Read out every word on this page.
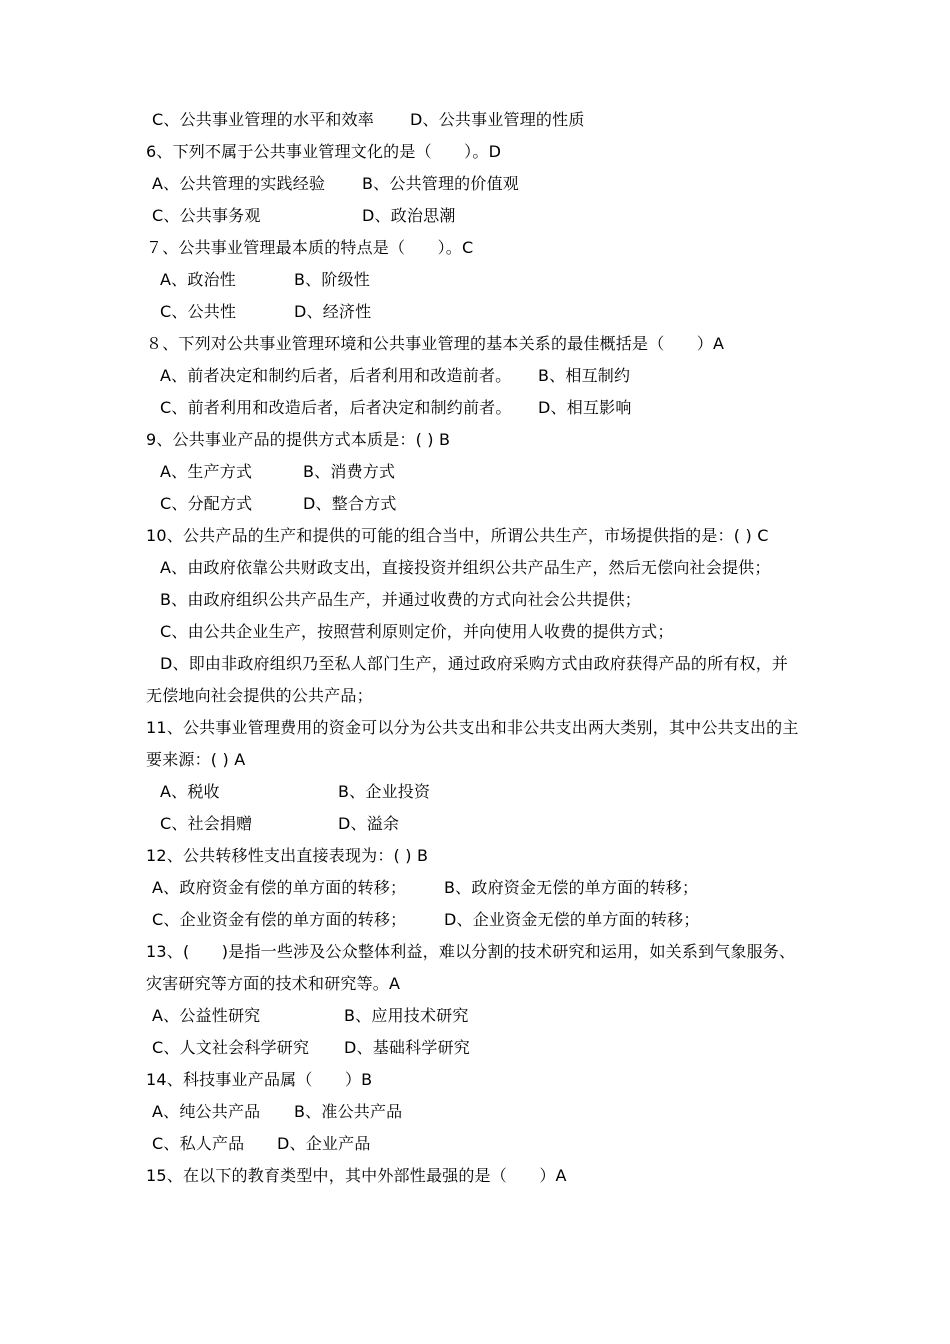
C、公共事业管理的水平和效率 D、公共事业管理的性质
6、下列不属于公共事业管理文化的是（　　）。D
A、公共管理的实践经验 B、公共管理的价值观
C、公共事务观	D、政治思潮
７、公共事业管理最本质的特点是（　　）。C
A、政治性	B、阶级性
C、公共性	D、经济性
８、下列对公共事业管理环境和公共事业管理的基本关系的最佳概括是（　　）A
A、前者决定和制约后者，后者利用和改造前者。 B、相互制约
C、前者利用和改造后者，后者决定和制约前者。 D、相互影响
9、公共事业产品的提供方式本质是：( ) B
A、生产方式	B、消费方式
C、分配方式	D、整合方式
10、公共产品的生产和提供的可能的组合当中，所谓公共生产，市场提供指的是：( ) C
A、由政府依靠公共财政支出，直接投资并组织公共产品生产，然后无偿向社会提供；
B、由政府组织公共产品生产，并通过收费的方式向社会公共提供；
C、由公共企业生产，按照营利原则定价，并向使用人收费的提供方式；
D、即由非政府组织乃至私人部门生产，通过政府采购方式由政府获得产品的所有权，并
无偿地向社会提供的公共产品；
11、公共事业管理费用的资金可以分为公共支出和非公共支出两大类别，其中公共支出的主
要来源：( ) A
A、税收	B、企业投资
C、社会捐赠	D、溢余
12、公共转移性支出直接表现为：( ) B
A、政府资金有偿的单方面的转移； B、政府资金无偿的单方面的转移；
C、企业资金有偿的单方面的转移； D、企业资金无偿的单方面的转移；
13、(　　)是指一些涉及公众整体利益，难以分割的技术研究和运用，如关系到气象服务、
灾害研究等方面的技术和研究等。A
A、公益性研究	B、应用技术研究
C、人文社会科学研究 D、基础科学研究
14、科技事业产品属（　　）B
A、纯公共产品 B、准公共产品
C、私人产品 D、企业产品
15、在以下的教育类型中，其中外部性最强的是（　　）A
